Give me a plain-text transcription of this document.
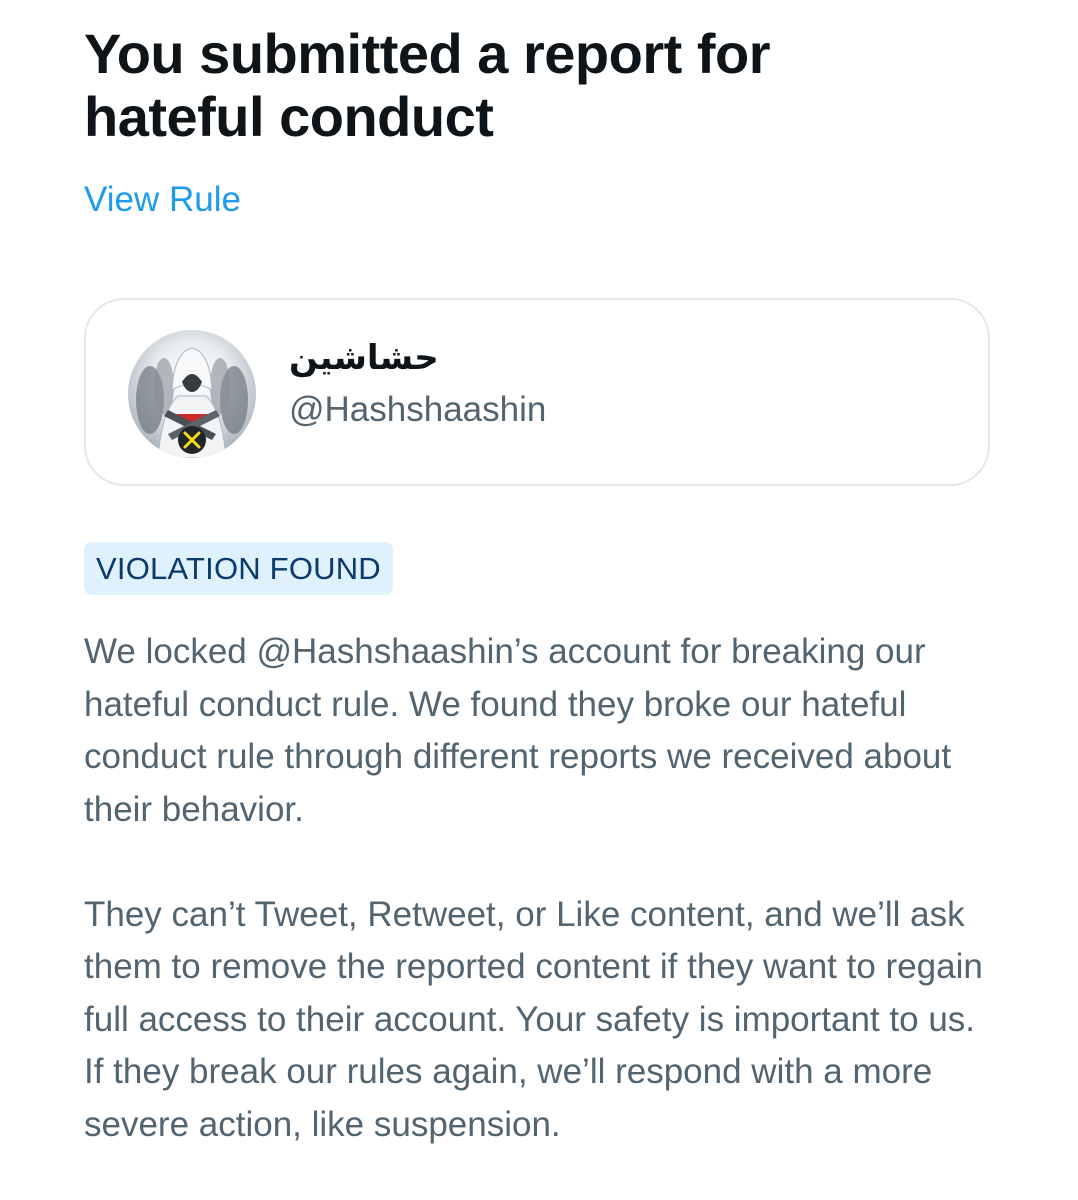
You submitted a report for hateful conduct
View Rule
حشاشين
@Hashshaashin
VIOLATION FOUND

We locked @Hashshaashin’s account for breaking our hateful conduct rule. We found they broke our hateful conduct rule through different reports we received about their behavior.

They can’t Tweet, Retweet, or Like content, and we’ll ask them to remove the reported content if they want to regain full access to their account. Your safety is important to us. If they break our rules again, we’ll respond with a more severe action, like suspension.
